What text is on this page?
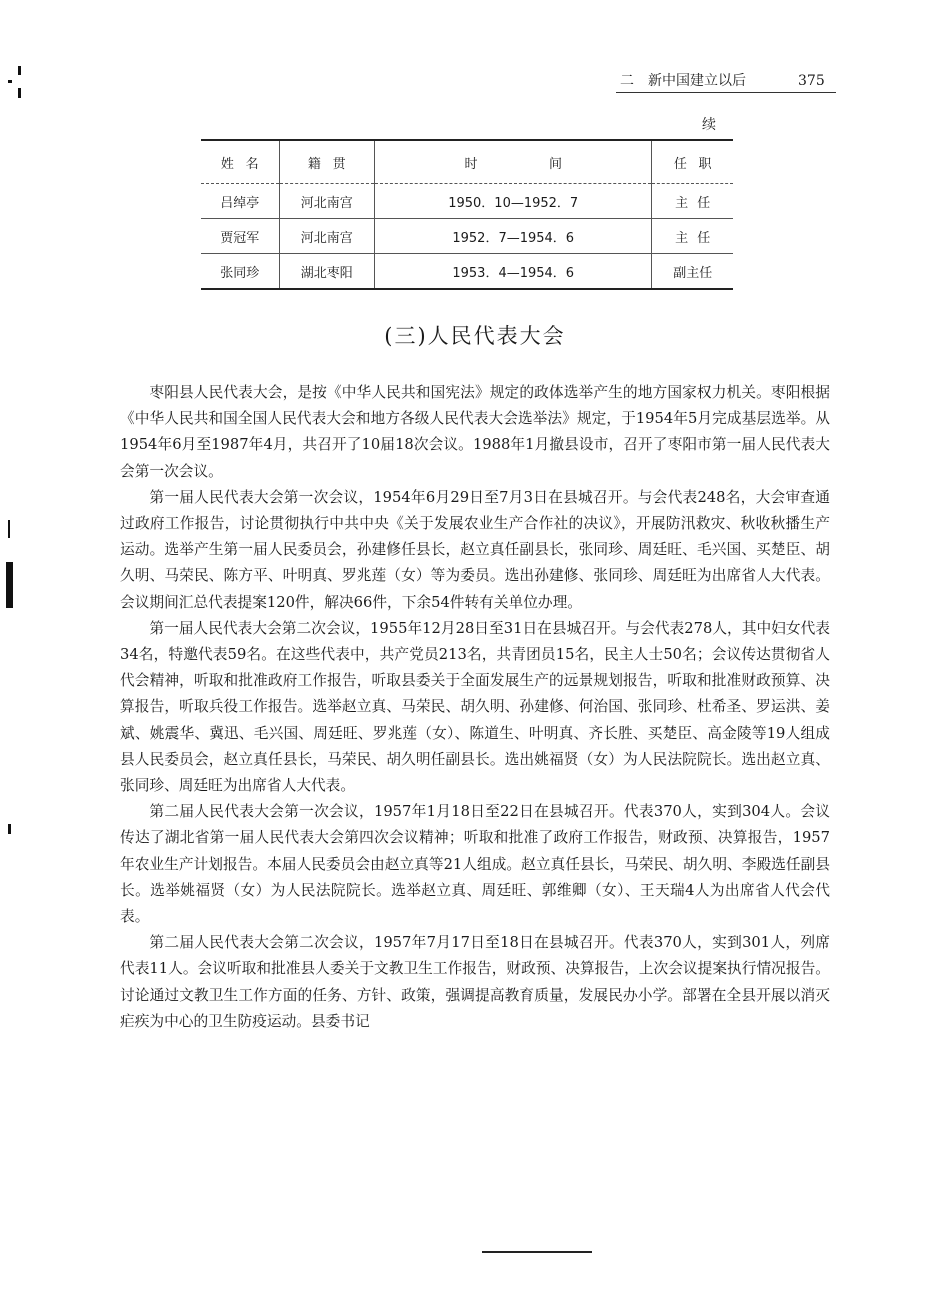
二 新中国建立以后	375
续
姓名	籍贯	时间	任职
吕绰亭	河北南宫	1950．10—1952．7	主任
贾冠军	河北南宫	1952．7—1954．6	主任
张同珍	湖北枣阳	1953．4—1954．6	副主任
(三)人民代表大会

枣阳县人民代表大会，是按《中华人民共和国宪法》规定的政体选举产生的地方国家权力机关。枣阳根据《中华人民共和国全国人民代表大会和地方各级人民代表大会选举法》规定，于1954年5月完成基层选举。从1954年6月至1987年4月，共召开了10届18次会议。1988年1月撤县设市，召开了枣阳市第一届人民代表大会第一次会议。

第一届人民代表大会第一次会议，1954年6月29日至7月3日在县城召开。与会代表248名，大会审查通过政府工作报告，讨论贯彻执行中共中央《关于发展农业生产合作社的决议》，开展防汛救灾、秋收秋播生产运动。选举产生第一届人民委员会，孙建修任县长，赵立真任副县长，张同珍、周廷旺、毛兴国、买楚臣、胡久明、马荣民、陈方平、叶明真、罗兆莲（女）等为委员。选出孙建修、张同珍、周廷旺为出席省人大代表。会议期间汇总代表提案120件，解决66件，下余54件转有关单位办理。

第一届人民代表大会第二次会议，1955年12月28日至31日在县城召开。与会代表278人，其中妇女代表34名，特邀代表59名。在这些代表中，共产党员213名，共青团员15名，民主人士50名；会议传达贯彻省人代会精神，听取和批准政府工作报告，听取县委关于全面发展生产的远景规划报告，听取和批准财政预算、决算报告，听取兵役工作报告。选举赵立真、马荣民、胡久明、孙建修、何治国、张同珍、杜希圣、罗运洪、姜斌、姚震华、冀迅、毛兴国、周廷旺、罗兆莲（女）、陈道生、叶明真、齐长胜、买楚臣、高金陵等19人组成县人民委员会，赵立真任县长，马荣民、胡久明任副县长。选出姚福贤（女）为人民法院院长。选出赵立真、张同珍、周廷旺为出席省人大代表。

第二届人民代表大会第一次会议，1957年1月18日至22日在县城召开。代表370人，实到304人。会议传达了湖北省第一届人民代表大会第四次会议精神；听取和批准了政府工作报告，财政预、决算报告，1957年农业生产计划报告。本届人民委员会由赵立真等21人组成。赵立真任县长，马荣民、胡久明、李殿选任副县长。选举姚福贤（女）为人民法院院长。选举赵立真、周廷旺、郭维卿（女）、王天瑞4人为出席省人代会代表。

第二届人民代表大会第二次会议，1957年7月17日至18日在县城召开。代表370人，实到301人，列席代表11人。会议听取和批准县人委关于文教卫生工作报告，财政预、决算报告，上次会议提案执行情况报告。讨论通过文教卫生工作方面的任务、方针、政策，强调提高教育质量，发展民办小学。部署在全县开展以消灭疟疾为中心的卫生防疫运动。县委书记
